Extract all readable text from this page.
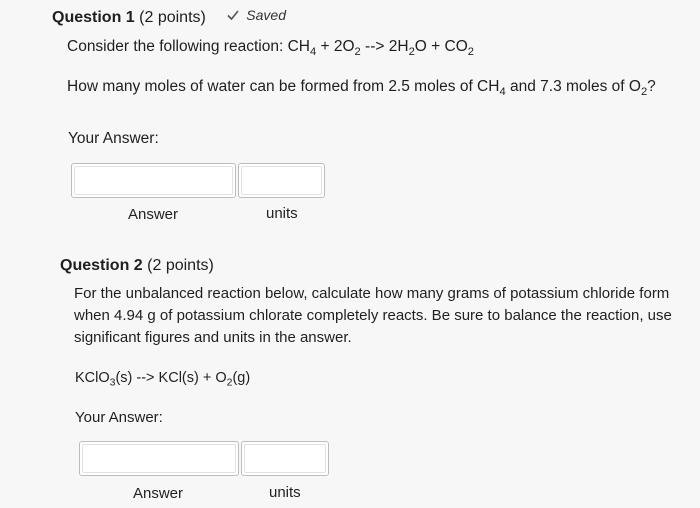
Question 1 (2 points)	Saved
Consider the following reaction: $CH_4 + 2O_2$ --> $2H_2O + CO_2$
How many moles of water can be formed from 2.5 moles of $CH_4$ and 7.3 moles of $O_2$?
Your Answer:
Answer	units
Question 2 (2 points)
For the unbalanced reaction below, calculate how many grams of potassium chloride form when 4.94 g of potassium chlorate completely reacts. Be sure to balance the reaction, use significant figures and units in the answer.
KClO$_3$(s) --> $KCl(s) + O_2(g)$
Your Answer:
Answer	units
